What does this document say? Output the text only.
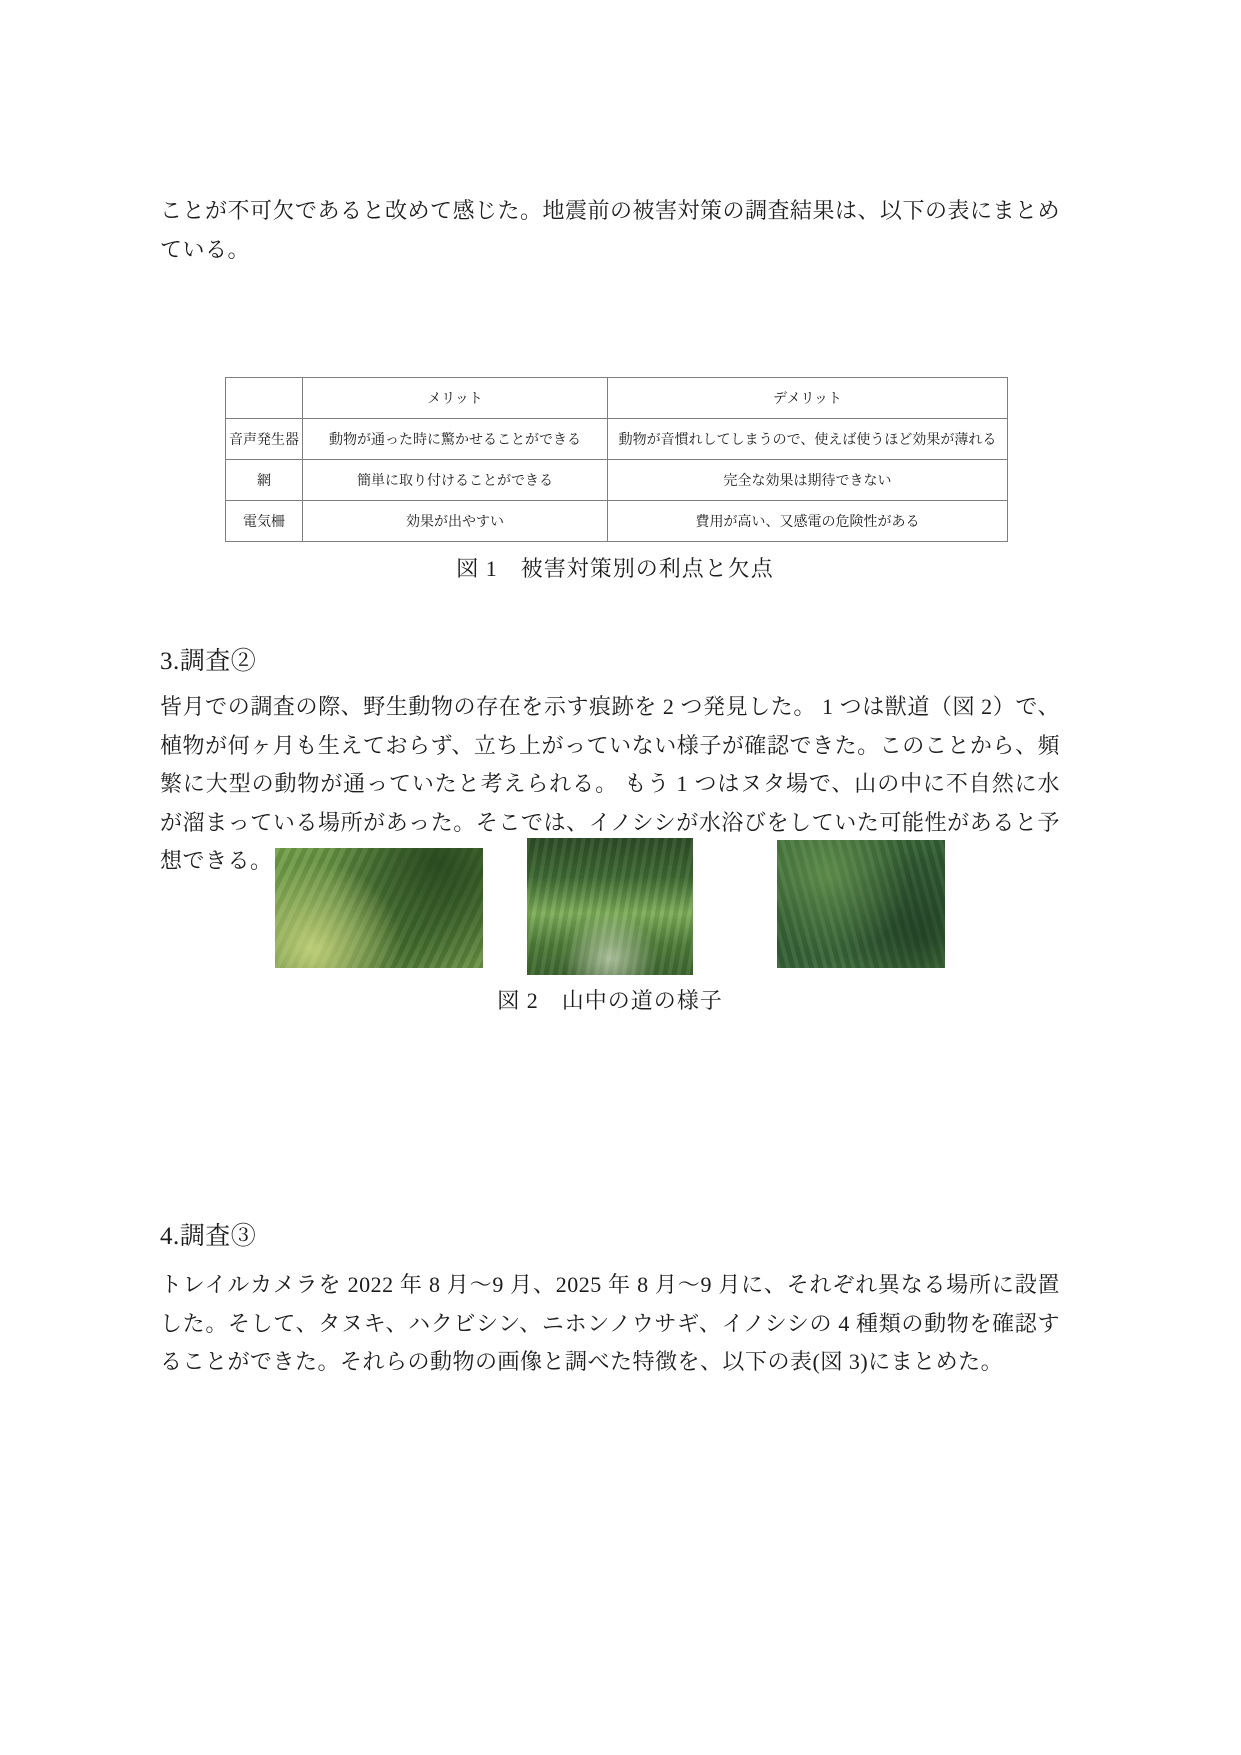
ことが不可欠であると改めて感じた。地震前の被害対策の調査結果は、以下の表にまとめている。

	メリット	デメリット
音声発生器	動物が通った時に驚かせることができる	動物が音慣れしてしまうので、使えば使うほど効果が薄れる
網	簡単に取り付けることができる	完全な効果は期待できない
電気柵	効果が出やすい	費用が高い、又感電の危険性がある

図 1　被害対策別の利点と欠点

3.調査②

皆月での調査の際、野生動物の存在を示す痕跡を 2 つ発見した。 1 つは獣道（図 2）で、植物が何ヶ月も生えておらず、立ち上がっていない様子が確認できた。このことから、頻繁に大型の動物が通っていたと考えられる。 もう 1 つはヌタ場で、山の中に不自然に水が溜まっている場所があった。そこでは、イノシシが水浴びをしていた可能性があると予想できる。

図 2　山中の道の様子

4.調査③

トレイルカメラを 2022 年 8 月～9 月、2025 年 8 月～9 月に、それぞれ異なる場所に設置した。そして、タヌキ、ハクビシン、ニホンノウサギ、イノシシの 4 種類の動物を確認することができた。それらの動物の画像と調べた特徴を、以下の表(図 3)にまとめた。
